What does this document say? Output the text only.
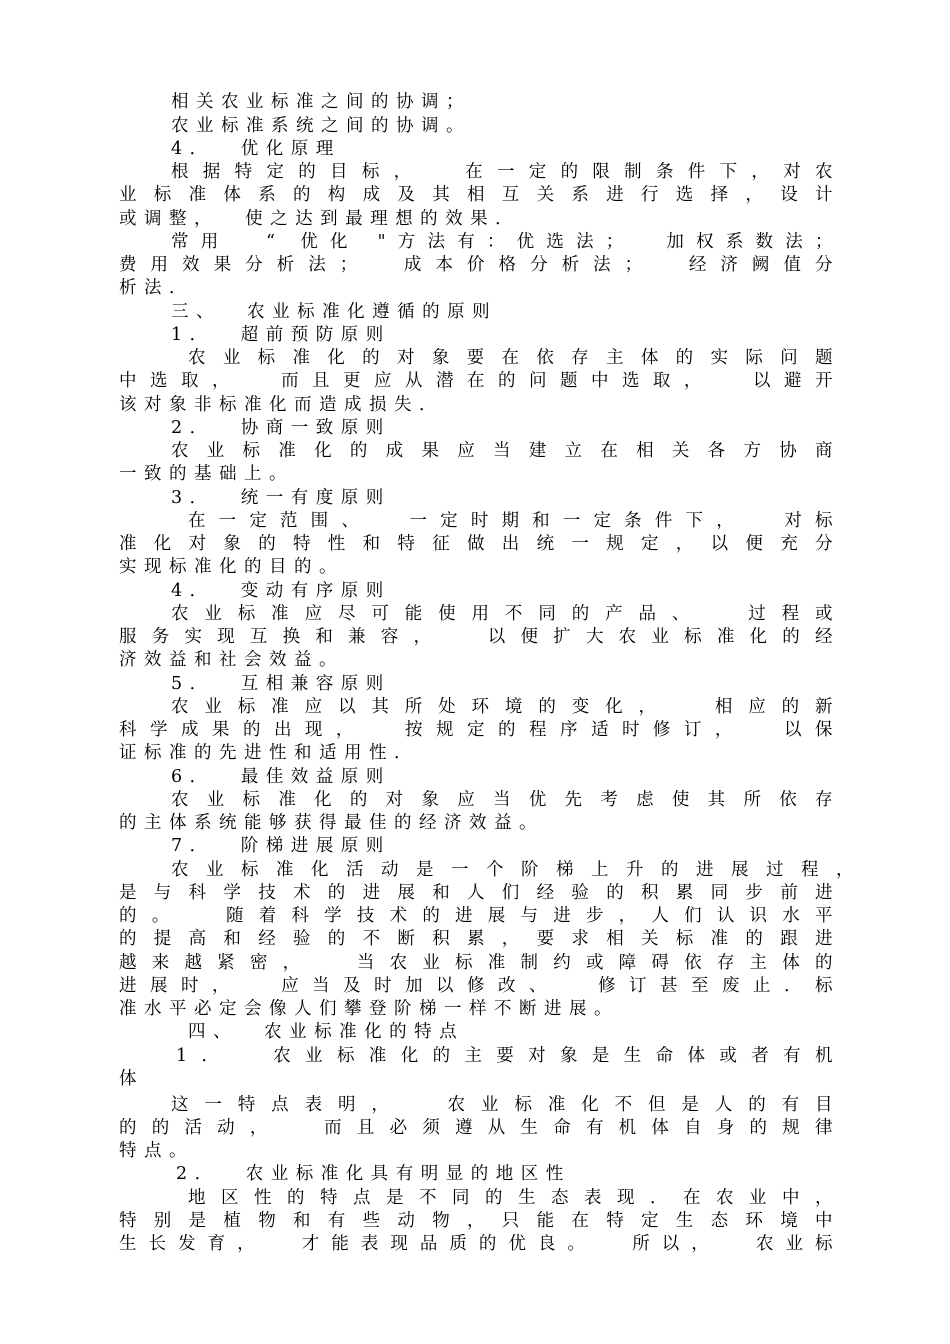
相关农业标准之间的协调；
农业标准系统之间的协调。
4．  优化原理
根据特定的目标，  在一定的限制条件下，对农
业标准体系的构成及其相互关系进行选择，设计
或调整，  使之达到最理想的效果．
常用  “ 优化 "方法有：优选法；  加权系数法；
费用效果分析法；  成本价格分析法；  经济阙值分
析法．
三、  农业标准化遵循的原则
1．  超前预防原则
农业标准化的对象要在依存主体的实际问题
中选取，  而且更应从潜在的问题中选取，  以避开
该对象非标准化而造成损失．
2．  协商一致原则
农业标准化的成果应当建立在相关各方协商
一致的基础上。
3．  统一有度原则
在一定范围、  一定时期和一定条件下，  对标
准化对象的特性和特征做出统一规定，以便充分
实现标准化的目的。
4．  变动有序原则
农业标准应尽可能使用不同的产品、  过程或
服务实现互换和兼容，  以便扩大农业标准化的经
济效益和社会效益。
5．  互相兼容原则
农业标准应以其所处环境的变化，  相应的新
科学成果的出现，  按规定的程序适时修订，  以保
证标准的先进性和适用性．
6．  最佳效益原则
农业标准化的对象应当优先考虑使其所依存
的主体系统能够获得最佳的经济效益。
7．  阶梯进展原则
农业标准化活动是一个阶梯上升的进展过程，
是与科学技术的进展和人们经验的积累同步前进
的。  随着科学技术的进展与进步，人们认识水平
的提高和经验的不断积累，要求相关标准的跟进
越来越紧密，  当农业标准制约或障碍依存主体的
进展时，  应当及时加以修改、  修订甚至废止．标
准水平必定会像人们攀登阶梯一样不断进展。
四、  农业标准化的特点
1．  农业标准化的主要对象是生命体或者有机
体
这一特点表明，  农业标准化不但是人的有目
的的活动，  而且必须遵从生命有机体自身的规律
特点。
2．  农业标准化具有明显的地区性
地区性的特点是不同的生态表现．在农业中，
特别是植物和有些动物，只能在特定生态环境中
生长发育，  才能表现品质的优良。  所以，  农业标
